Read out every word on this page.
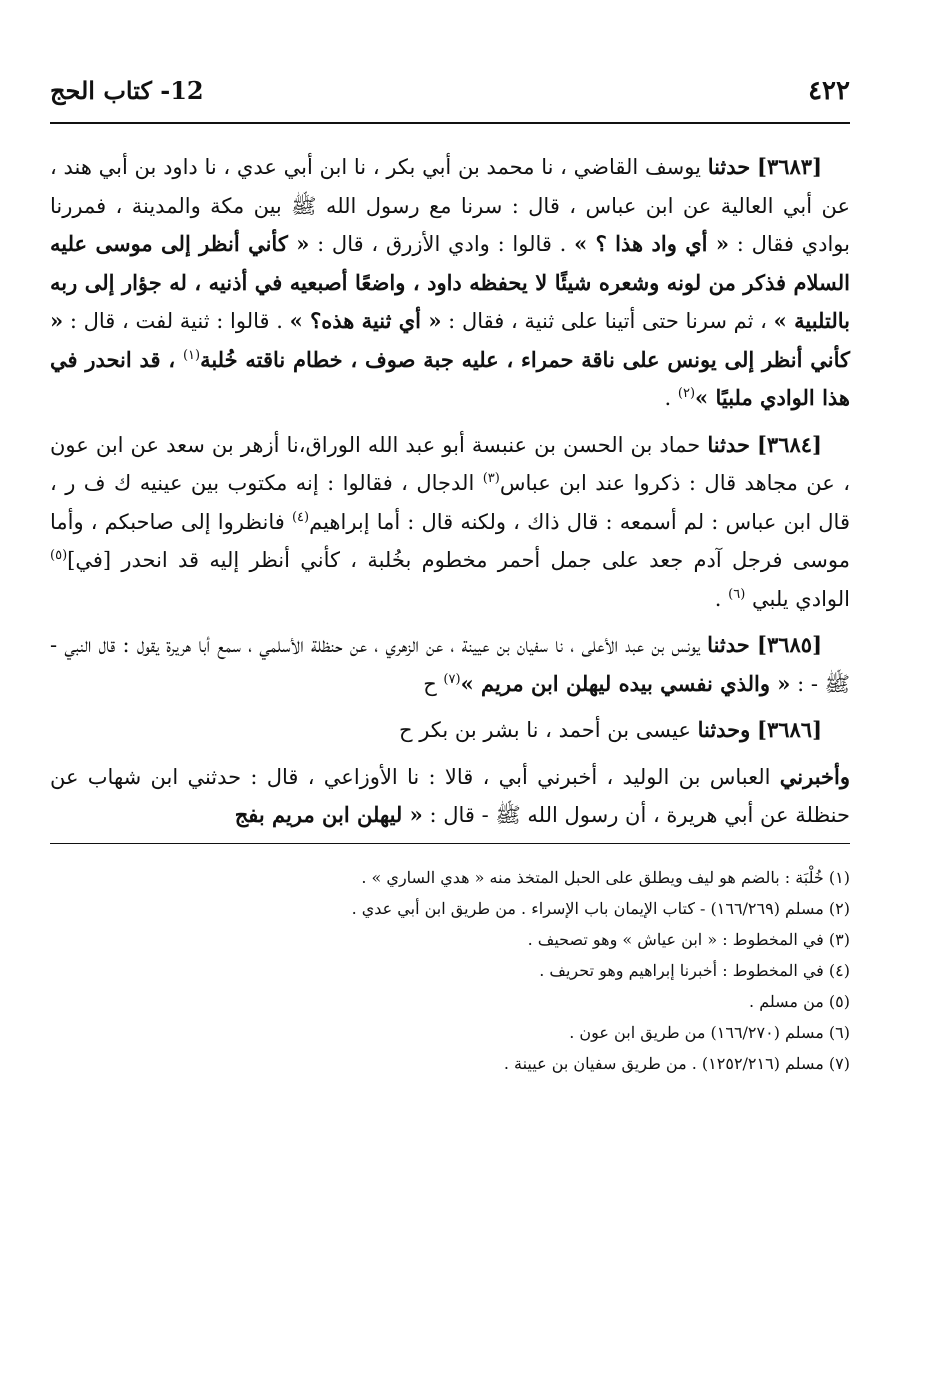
٤٢٢
12- كتاب الحج

[٣٦٨٣] حدثنا يوسف القاضي ، نا محمد بن أبي بكر ، نا ابن أبي عدي ، نا داود بن أبي هند ، عن أبي العالية عن ابن عباس ، قال : سرنا مع رسول الله ﷺ بين مكة والمدينة ، فمررنا بوادي فقال : « أي واد هذا ؟ » . قالوا : وادي الأزرق ، قال : « كأني أنظر إلى موسى عليه السلام فذكر من لونه وشعره شيئًا لا يحفظه داود ، واضعًا أصبعيه في أذنيه ، له جؤار إلى ربه بالتلبية » ، ثم سرنا حتى أتينا على ثنية ، فقال : « أي ثنية هذه؟ » . قالوا : ثنية لفت ، قال : « كأني أنظر إلى يونس على ناقة حمراء ، عليه جبة صوف ، خطام ناقته خُلبة$^{(١)}$ ، قد انحدر في هذا الوادي ملبيًا »$^{(٢)}$ .

[٣٦٨٤] حدثنا حماد بن الحسن بن عنبسة أبو عبد الله الوراق،نا أزهر بن سعد عن ابن عون ، عن مجاهد قال : ذكروا عند ابن عباس$^{(٣)}$ الدجال ، فقالوا : إنه مكتوب بين عينيه ك ف ر ، قال ابن عباس : لم أسمعه : قال ذاك ، ولكنه قال : أما إبراهيم$^{(٤)}$ فانظروا إلى صاحبكم ، وأما موسى فرجل آدم جعد على جمل أحمر مخطوم بخُلبة ، كأني أنظر إليه قد انحدر [في]$^{(٥)}$ الوادي يلبي $^{(٦)}$ .

[٣٦٨٥] حدثنا يونس بن عبد الأعلى ، نا سفيان بن عيينة ، عن الزهري ، عن حنظلة الأسلمي ، سمع أبا هريرة يقول : قال النبي - ﷺ - : « والذي نفسي بيده ليهلن ابن مريم »$^{(٧)}$ ح

[٣٦٨٦] وحدثنا عيسى بن أحمد ، نا بشر بن بكر ح

وأخبرني العباس بن الوليد ، أخبرني أبي ، قالا : نا الأوزاعي ، قال : حدثني ابن شهاب عن حنظلة عن أبي هريرة ، أن رسول الله ﷺ - قال : « ليهلن ابن مريم بفج

(١) خُلْبَة : بالضم هو ليف ويطلق على الحبل المتخذ منه « هدي الساري » .
(٢) مسلم (١٦٦/٢٦٩) - كتاب الإيمان باب الإسراء . من طريق ابن أبي عدي .
(٣) في المخطوط : « ابن عياش » وهو تصحيف .
(٤) في المخطوط : أخبرنا إبراهيم وهو تحريف .
(٥) من مسلم .
(٦) مسلم (١٦٦/٢٧٠) من طريق ابن عون .
(٧) مسلم (١٢٥٢/٢١٦) . من طريق سفيان بن عيينة .
